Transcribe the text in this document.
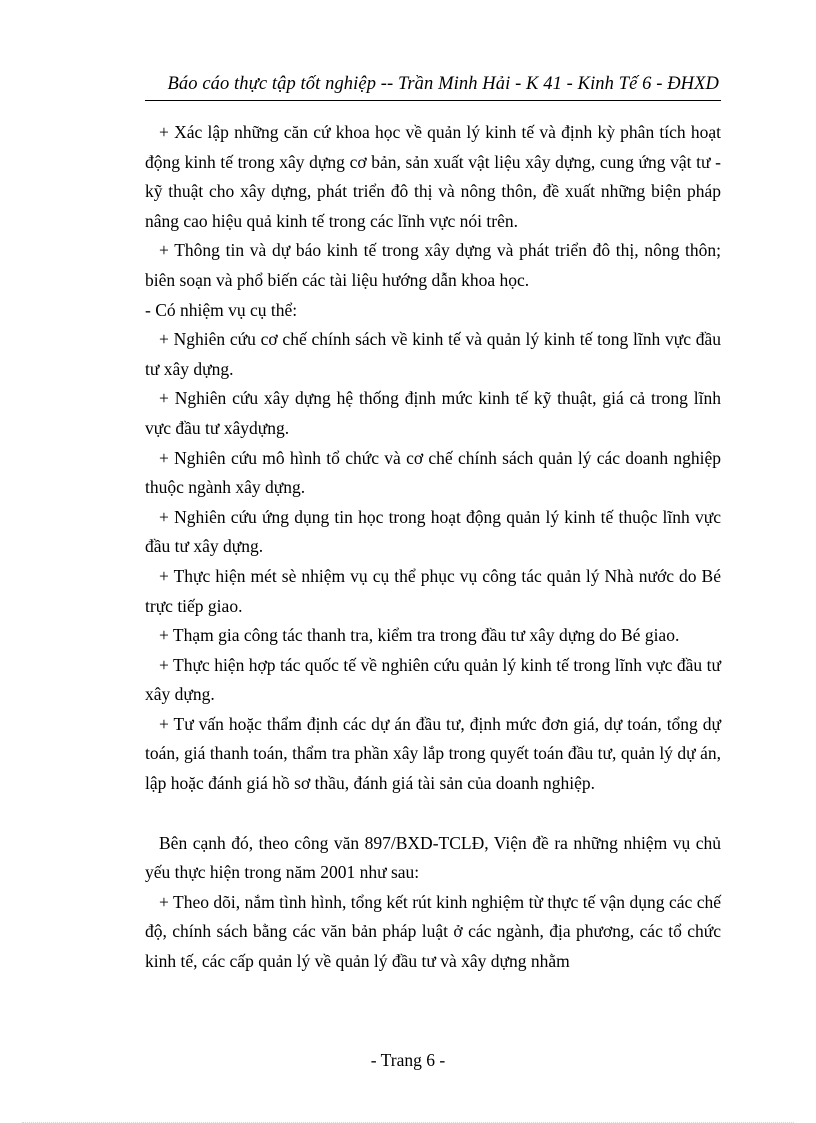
Báo cáo thực tập tốt nghiệp -- Trần Minh Hải - K 41 - Kinh Tế 6 - ĐHXD

+ Xác lập những căn cứ khoa học về quản lý kinh tế và định kỳ phân tích hoạt động kinh tế trong xây dựng cơ bản, sản xuất vật liệu xây dựng, cung ứng vật tư - kỹ thuật cho xây dựng, phát triển đô thị và nông thôn, đề xuất những biện pháp nâng cao hiệu quả kinh tế trong các lĩnh vực nói trên.

+ Thông tin và dự báo kinh tế trong xây dựng và phát triển đô thị, nông thôn; biên soạn và phổ biến các tài liệu hướng dẫn khoa học.

- Có nhiệm vụ cụ thể:

+ Nghiên cứu cơ chế chính sách về kinh tế và quản lý kinh tế tong lĩnh vực đầu tư xây dựng.

+ Nghiên cứu xây dựng hệ thống định mức kinh tế kỹ thuật, giá cả trong lĩnh vực đầu tư xâydựng.

+ Nghiên cứu mô hình tổ chức và cơ chế chính sách quản lý các doanh nghiệp thuộc ngành xây dựng.

+ Nghiên cứu ứng dụng tin học trong hoạt động quản lý kinh tế thuộc lĩnh vực đầu tư xây dựng.

+ Thực hiện mét sè nhiệm vụ cụ thể phục vụ công tác quản lý Nhà nước do Bé trực tiếp giao.

+ Thạm gia công tác thanh tra, kiểm tra trong đầu tư xây dựng do Bé giao.

+ Thực hiện hợp tác quốc tế về nghiên cứu quản lý kinh tế trong lĩnh vực đầu tư xây dựng.

+ Tư vấn hoặc thẩm định các dự án đầu tư, định mức đơn giá, dự toán, tổng dự toán, giá thanh toán, thẩm tra phần xây lắp trong quyết toán đầu tư, quản lý dự án, lập hoặc đánh giá hồ sơ thầu, đánh giá tài sản của doanh nghiệp.

Bên cạnh đó, theo công văn 897/BXD-TCLĐ, Viện đề ra những nhiệm vụ chủ yếu thực hiện trong năm 2001 như sau:

+ Theo dõi, nắm tình hình, tổng kết rút kinh nghiệm từ thực tế vận dụng các chế độ, chính sách bằng các văn bản pháp luật ở các ngành, địa phương, các tổ chức kinh tế, các cấp quản lý về quản lý đầu tư và xây dựng nhằm

- Trang 6 -
